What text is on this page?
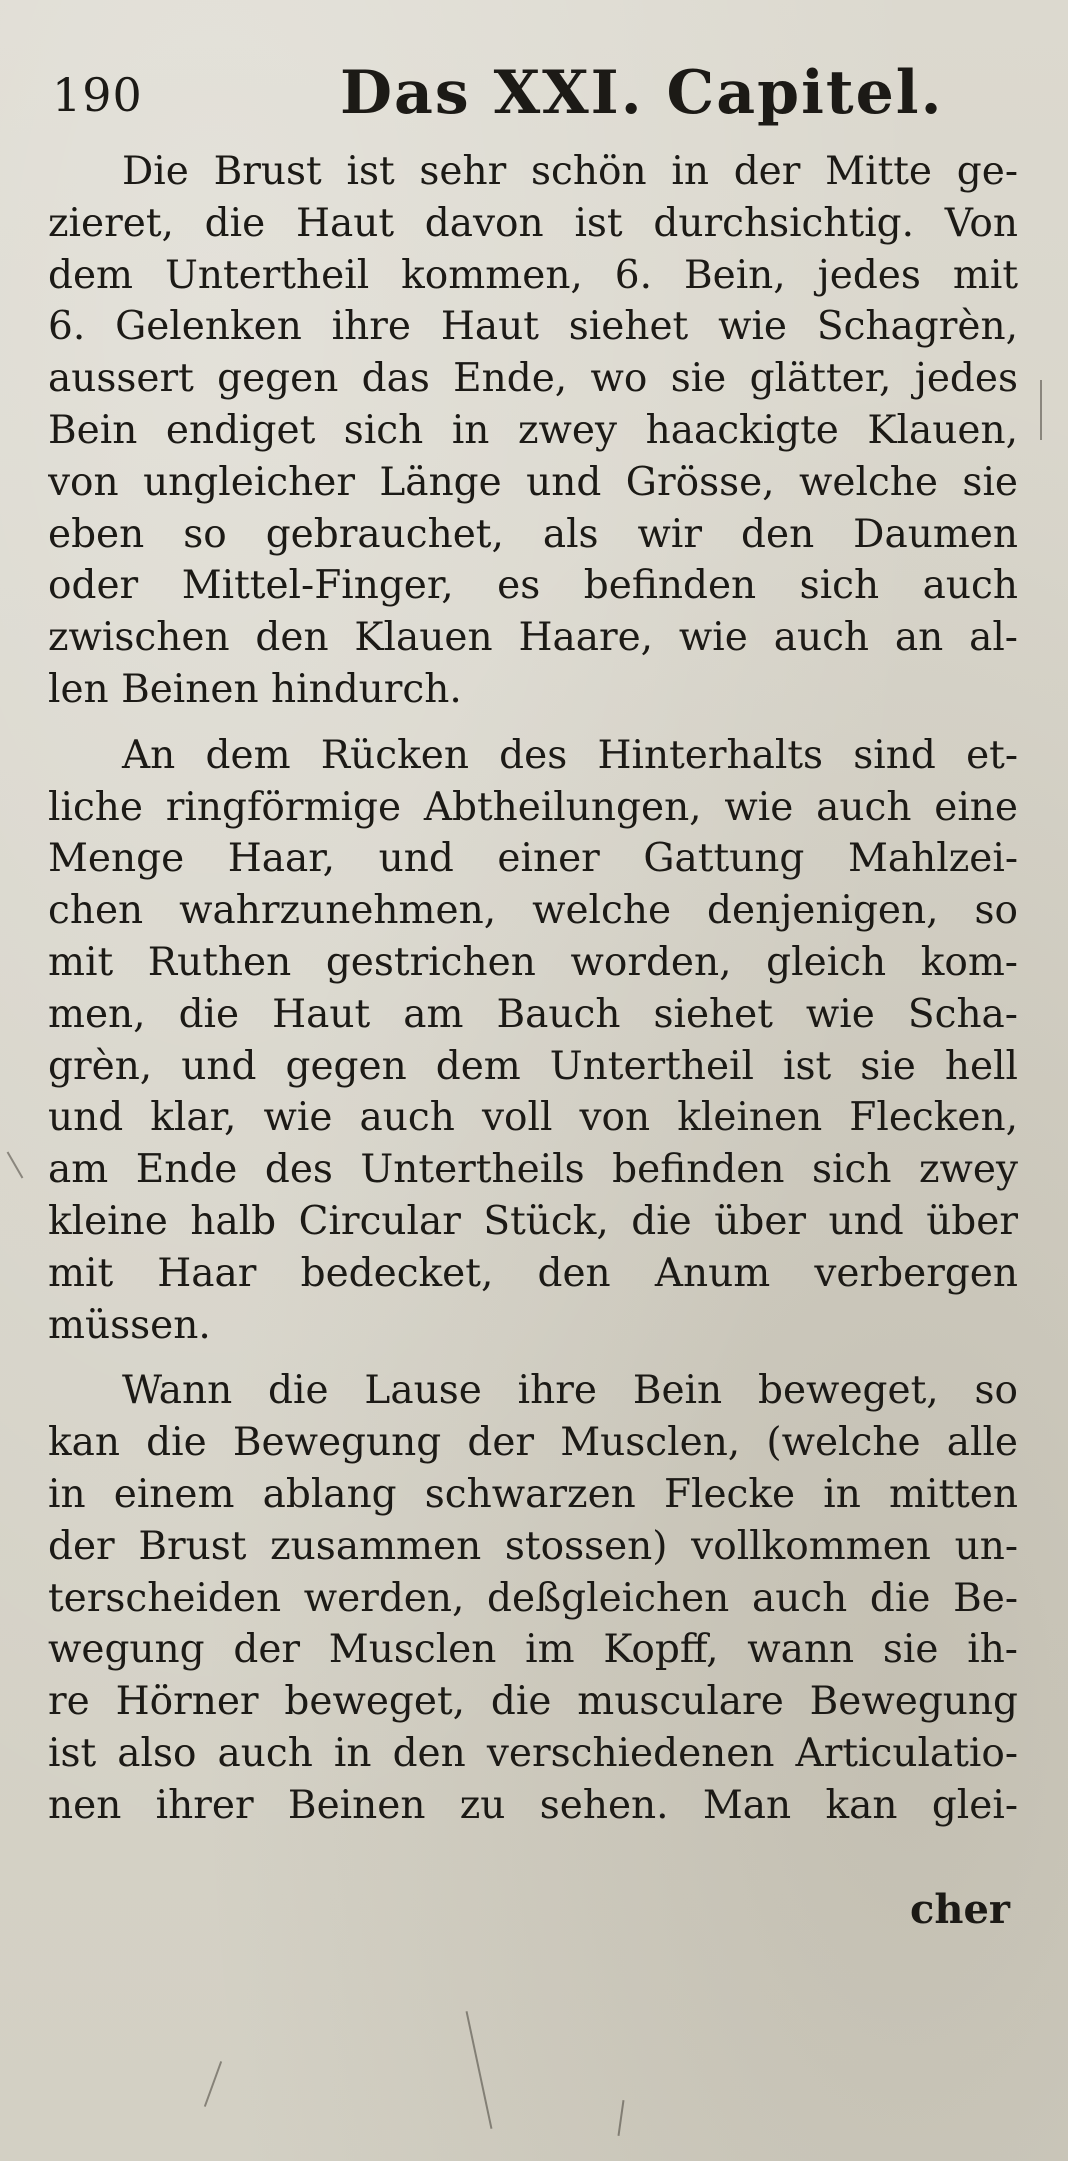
190	Das XXI. Capitel.
Die Brust ist sehr schön in der Mitte ge-
zieret, die Haut davon ist durchsichtig. Von
dem Untertheil kommen, 6. Bein, jedes mit
6. Gelenken ihre Haut siehet wie Schagrèn,
aussert gegen das Ende, wo sie glätter, jedes
Bein endiget sich in zwey haackigte Klauen,
von ungleicher Länge und Grösse, welche sie
eben so gebrauchet, als wir den Daumen
oder Mittel-Finger, es befinden sich auch
zwischen den Klauen Haare, wie auch an al-
len Beinen hindurch.
An dem Rücken des Hinterhalts sind et-
liche ringförmige Abtheilungen, wie auch eine
Menge Haar, und einer Gattung Mahlzei-
chen wahrzunehmen, welche denjenigen, so
mit Ruthen gestrichen worden, gleich kom-
men, die Haut am Bauch siehet wie Scha-
grèn, und gegen dem Untertheil ist sie hell
und klar, wie auch voll von kleinen Flecken,
am Ende des Untertheils befinden sich zwey
kleine halb Circular Stück, die über und über
mit Haar bedecket, den Anum verbergen
müssen.
Wann die Lause ihre Bein beweget, so
kan die Bewegung der Musclen, (welche alle
in einem ablang schwarzen Flecke in mitten
der Brust zusammen stossen) vollkommen un-
terscheiden werden, deßgleichen auch die Be-
wegung der Musclen im Kopff, wann sie ih-
re Hörner beweget, die musculare Bewegung
ist also auch in den verschiedenen Articulatio-
nen ihrer Beinen zu sehen. Man kan glei-
cher
